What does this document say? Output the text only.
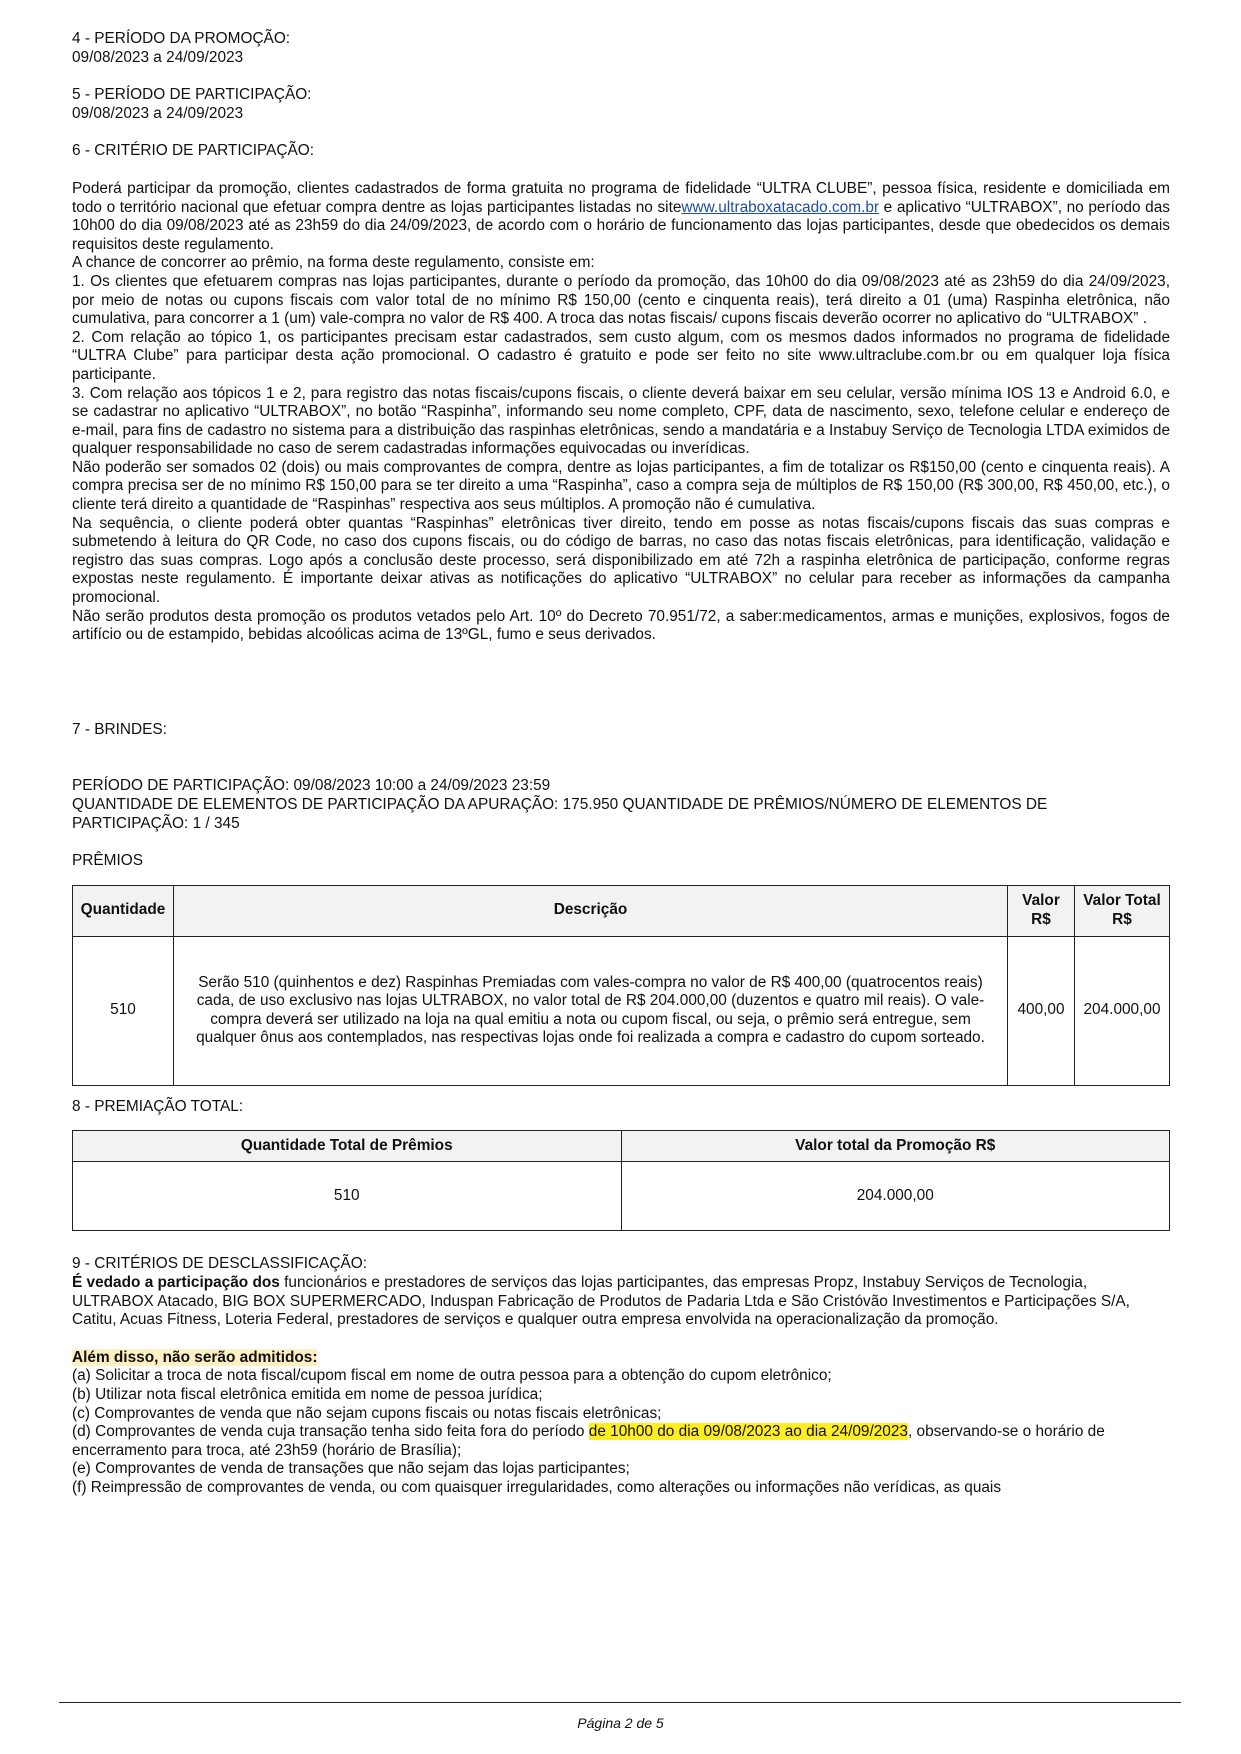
4 - PERÍODO DA PROMOÇÃO:

09/08/2023 a 24/09/2023

5 - PERÍODO DE PARTICIPAÇÃO:

09/08/2023 a 24/09/2023

6 - CRITÉRIO DE PARTICIPAÇÃO:

Poderá participar da promoção, clientes cadastrados de forma gratuita no programa de fidelidade “ULTRA CLUBE”, pessoa física, residente e domiciliada em todo o território nacional que efetuar compra dentre as lojas participantes listadas no sitewww.ultraboxatacado.com.br e aplicativo “ULTRABOX”, no período das 10h00 do dia 09/08/2023 até as 23h59 do dia 24/09/2023, de acordo com o horário de funcionamento das lojas participantes, desde que obedecidos os demais requisitos deste regulamento.

A chance de concorrer ao prêmio, na forma deste regulamento, consiste em:

1. Os clientes que efetuarem compras nas lojas participantes, durante o período da promoção, das 10h00 do dia 09/08/2023 até as 23h59 do dia 24/09/2023, por meio de notas ou cupons fiscais com valor total de no mínimo R$ 150,00 (cento e cinquenta reais), terá direito a 01 (uma) Raspinha eletrônica, não cumulativa, para concorrer a 1 (um) vale-compra no valor de R$ 400. A troca das notas fiscais/ cupons fiscais deverão ocorrer no aplicativo do “ULTRABOX” .

2. Com relação ao tópico 1, os participantes precisam estar cadastrados, sem custo algum, com os mesmos dados informados no programa de fidelidade “ULTRA Clube” para participar desta ação promocional. O cadastro é gratuito e pode ser feito no site www.ultraclube.com.br ou em qualquer loja física participante.

3. Com relação aos tópicos 1 e 2, para registro das notas fiscais/cupons fiscais, o cliente deverá baixar em seu celular, versão mínima IOS 13 e Android 6.0, e se cadastrar no aplicativo “ULTRABOX”, no botão “Raspinha”, informando seu nome completo, CPF, data de nascimento, sexo, telefone celular e endereço de e-mail, para fins de cadastro no sistema para a distribuição das raspinhas eletrônicas, sendo a mandatária e a Instabuy Serviço de Tecnologia LTDA eximidos de qualquer responsabilidade no caso de serem cadastradas informações equivocadas ou inverídicas.

Não poderão ser somados 02 (dois) ou mais comprovantes de compra, dentre as lojas participantes, a fim de totalizar os R$150,00 (cento e cinquenta reais). A compra precisa ser de no mínimo R$ 150,00 para se ter direito a uma “Raspinha”, caso a compra seja de múltiplos de R$ 150,00 (R$ 300,00, R$ 450,00, etc.), o cliente terá direito a quantidade de “Raspinhas” respectiva aos seus múltiplos. A promoção não é cumulativa.

Na sequência, o cliente poderá obter quantas “Raspinhas” eletrônicas tiver direito, tendo em posse as notas fiscais/cupons fiscais das suas compras e submetendo à leitura do QR Code, no caso dos cupons fiscais, ou do código de barras, no caso das notas fiscais eletrônicas, para identificação, validação e registro das suas compras. Logo após a conclusão deste processo, será disponibilizado em até 72h a raspinha eletrônica de participação, conforme regras expostas neste regulamento. É importante deixar ativas as notificações do aplicativo “ULTRABOX” no celular para receber as informações da campanha promocional.

Não serão produtos desta promoção os produtos vetados pelo Art. 10º do Decreto 70.951/72, a saber:medicamentos, armas e munições, explosivos, fogos de artifício ou de estampido, bebidas alcoólicas acima de 13ºGL, fumo e seus derivados.

7 - BRINDES:

PERÍODO DE PARTICIPAÇÃO: 09/08/2023 10:00 a 24/09/2023 23:59

QUANTIDADE DE ELEMENTOS DE PARTICIPAÇÃO DA APURAÇÃO: 175.950 QUANTIDADE DE PRÊMIOS/NÚMERO DE ELEMENTOS DE PARTICIPAÇÃO: 1 / 345

PRÊMIOS

Quantidade	Descrição	Valor R$	Valor Total R$
510	Serão 510 (quinhentos e dez) Raspinhas Premiadas com vales-compra no valor de R$ 400,00 (quatrocentos reais) cada, de uso exclusivo nas lojas ULTRABOX, no valor total de R$ 204.000,00 (duzentos e quatro mil reais). O vale-compra deverá ser utilizado na loja na qual emitiu a nota ou cupom fiscal, ou seja, o prêmio será entregue, sem qualquer ônus aos contemplados, nas respectivas lojas onde foi realizada a compra e cadastro do cupom sorteado.	400,00	204.000,00

8 - PREMIAÇÃO TOTAL:

Quantidade Total de Prêmios	Valor total da Promoção R$
510	204.000,00

9 - CRITÉRIOS DE DESCLASSIFICAÇÃO:

É vedado a participação dos funcionários e prestadores de serviços das lojas participantes, das empresas Propz, Instabuy Serviços de Tecnologia, ULTRABOX Atacado, BIG BOX SUPERMERCADO, Induspan Fabricação de Produtos de Padaria Ltda e São Cristóvão Investimentos e Participações S/A, Catitu, Acuas Fitness, Loteria Federal, prestadores de serviços e qualquer outra empresa envolvida na operacionalização da promoção.

Além disso, não serão admitidos:

(a) Solicitar a troca de nota fiscal/cupom fiscal em nome de outra pessoa para a obtenção do cupom eletrônico;

(b) Utilizar nota fiscal eletrônica emitida em nome de pessoa jurídica;

(c) Comprovantes de venda que não sejam cupons fiscais ou notas fiscais eletrônicas;

(d) Comprovantes de venda cuja transação tenha sido feita fora do período de 10h00 do dia 09/08/2023 ao dia 24/09/2023, observando-se o horário de encerramento para troca, até 23h59 (horário de Brasília);

(e) Comprovantes de venda de transações que não sejam das lojas participantes;

(f) Reimpressão de comprovantes de venda, ou com quaisquer irregularidades, como alterações ou informações não verídicas, as quais

Página 2 de 5
